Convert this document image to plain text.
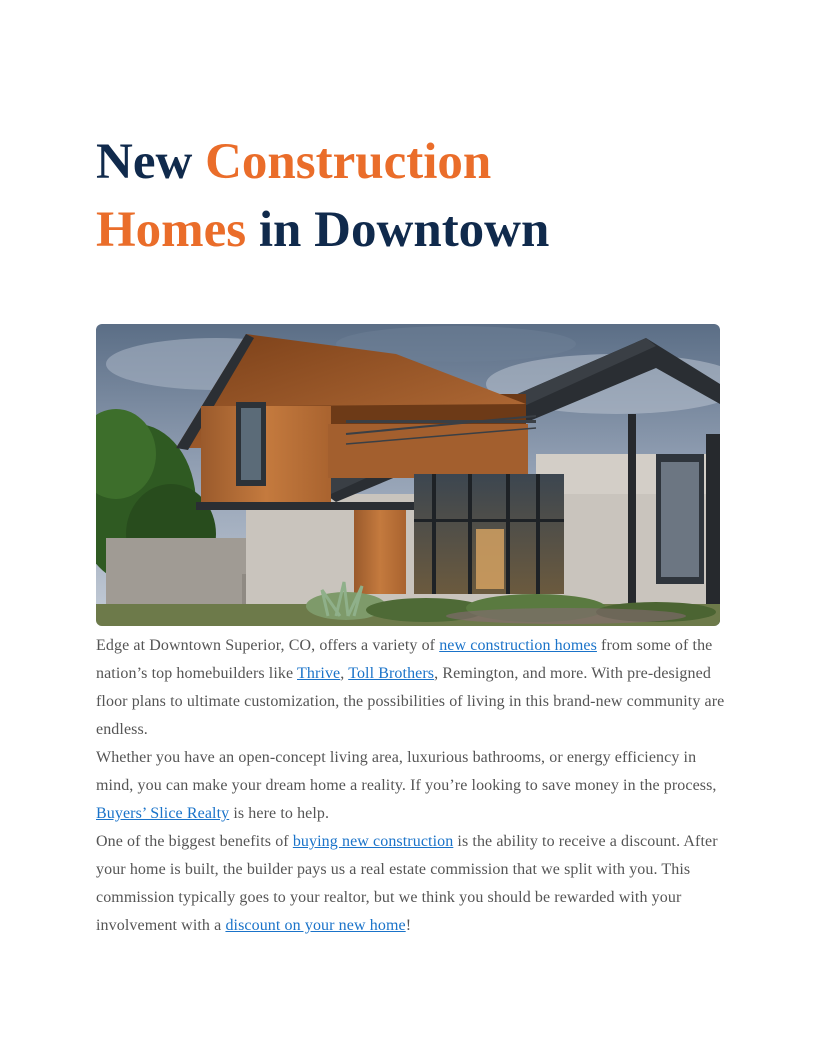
New Construction
Homes in Downtown

Edge at Downtown Superior, CO, offers a variety of new construction homes from some of the nation’s top homebuilders like Thrive, Toll Brothers, Remington, and more. With pre-designed floor plans to ultimate customization, the possibilities of living in this brand-new community are endless.

Whether you have an open-concept living area, luxurious bathrooms, or energy efficiency in mind, you can make your dream home a reality. If you’re looking to save money in the process, Buyers’ Slice Realty is here to help.

One of the biggest benefits of buying new construction is the ability to receive a discount. After your home is built, the builder pays us a real estate commission that we split with you. This commission typically goes to your realtor, but we think you should be rewarded with your involvement with a discount on your new home!
